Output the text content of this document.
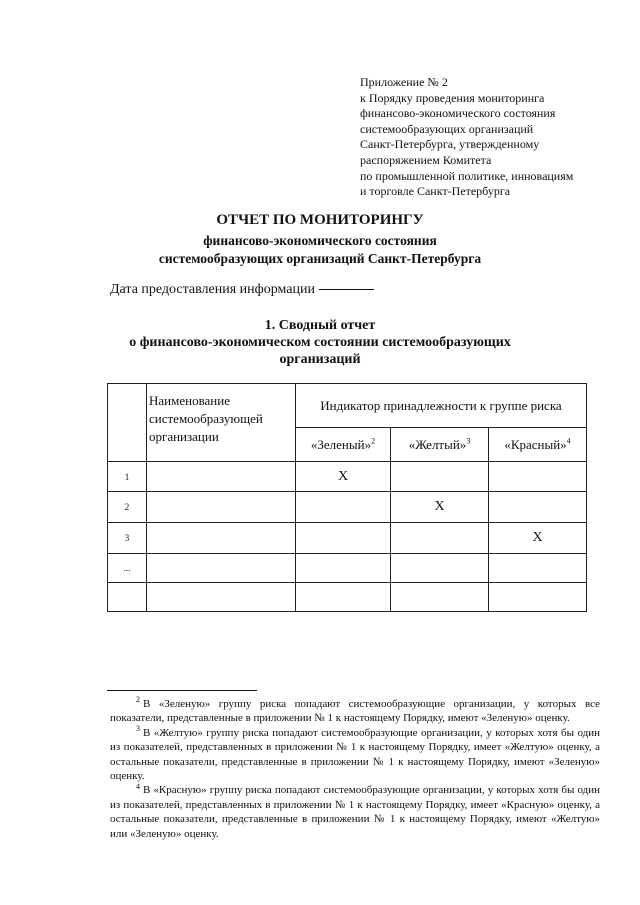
Приложение № 2
к Порядку проведения мониторинга
финансово-экономического состояния
системообразующих организаций
Санкт-Петербурга, утвержденному
распоряжением Комитета
по промышленной политике, инновациям
и торговле Санкт-Петербурга
ОТЧЕТ ПО МОНИТОРИНГУ
финансово-экономического состояния
системообразующих организаций Санкт-Петербурга
Дата предоставления информации
1. Сводный отчет
о финансово-экономическом состоянии системообразующих
организаций
	Наименование системообразующей организации	Индикатор принадлежности к группе риска		
		«Зеленый»$^2$	«Желтый»$^3$	«Красный»$^4$
1		Х		
2			Х	
3				Х
...				

$^2$ В «Зеленую» группу риска попадают системообразующие организации, у которых все показатели, представленные в приложении № 1 к настоящему Порядку, имеют «Зеленую» оценку.

$^3$ В «Желтую» группу риска попадают системообразующие организации, у которых хотя бы один из показателей, представленных в приложении № 1 к настоящему Порядку, имеет «Желтую» оценку, а остальные показатели, представленные в приложении № 1 к настоящему Порядку, имеют «Зеленую» оценку.

$^4$ В «Красную» группу риска попадают системообразующие организации, у которых хотя бы один из показателей, представленных в приложении № 1 к настоящему Порядку, имеет «Красную» оценку, а остальные показатели, представленные в приложении № 1 к настоящему Порядку, имеют «Желтую» или «Зеленую» оценку.
